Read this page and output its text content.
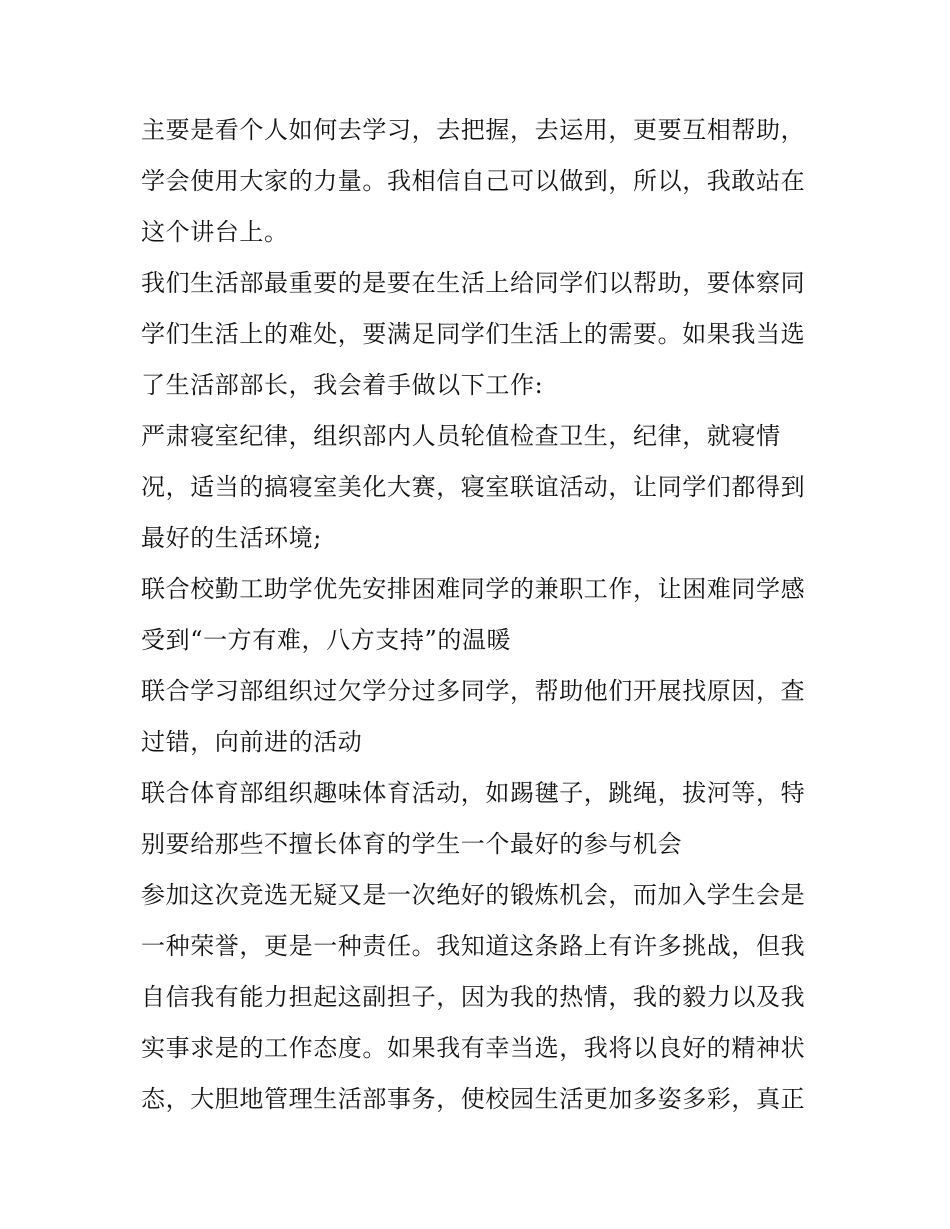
主要是看个人如何去学习，去把握，去运用，更要互相帮助，
学会使用大家的力量。我相信自己可以做到，所以，我敢站在
这个讲台上。
我们生活部最重要的是要在生活上给同学们以帮助，要体察同
学们生活上的难处，要满足同学们生活上的需要。如果我当选
了生活部部长，我会着手做以下工作:
严肃寝室纪律，组织部内人员轮值检查卫生，纪律，就寝情
况，适当的搞寝室美化大赛，寝室联谊活动，让同学们都得到
最好的生活环境;
联合校勤工助学优先安排困难同学的兼职工作，让困难同学感
受到“一方有难，八方支持”的温暖
联合学习部组织过欠学分过多同学，帮助他们开展找原因，查
过错，向前进的活动
联合体育部组织趣味体育活动，如踢毽子，跳绳，拔河等，特
别要给那些不擅长体育的学生一个最好的参与机会
参加这次竞选无疑又是一次绝好的锻炼机会，而加入学生会是
一种荣誉，更是一种责任。我知道这条路上有许多挑战，但我
自信我有能力担起这副担子，因为我的热情，我的毅力以及我
实事求是的工作态度。如果我有幸当选，我将以良好的精神状
态，大胆地管理生活部事务，使校园生活更加多姿多彩，真正
